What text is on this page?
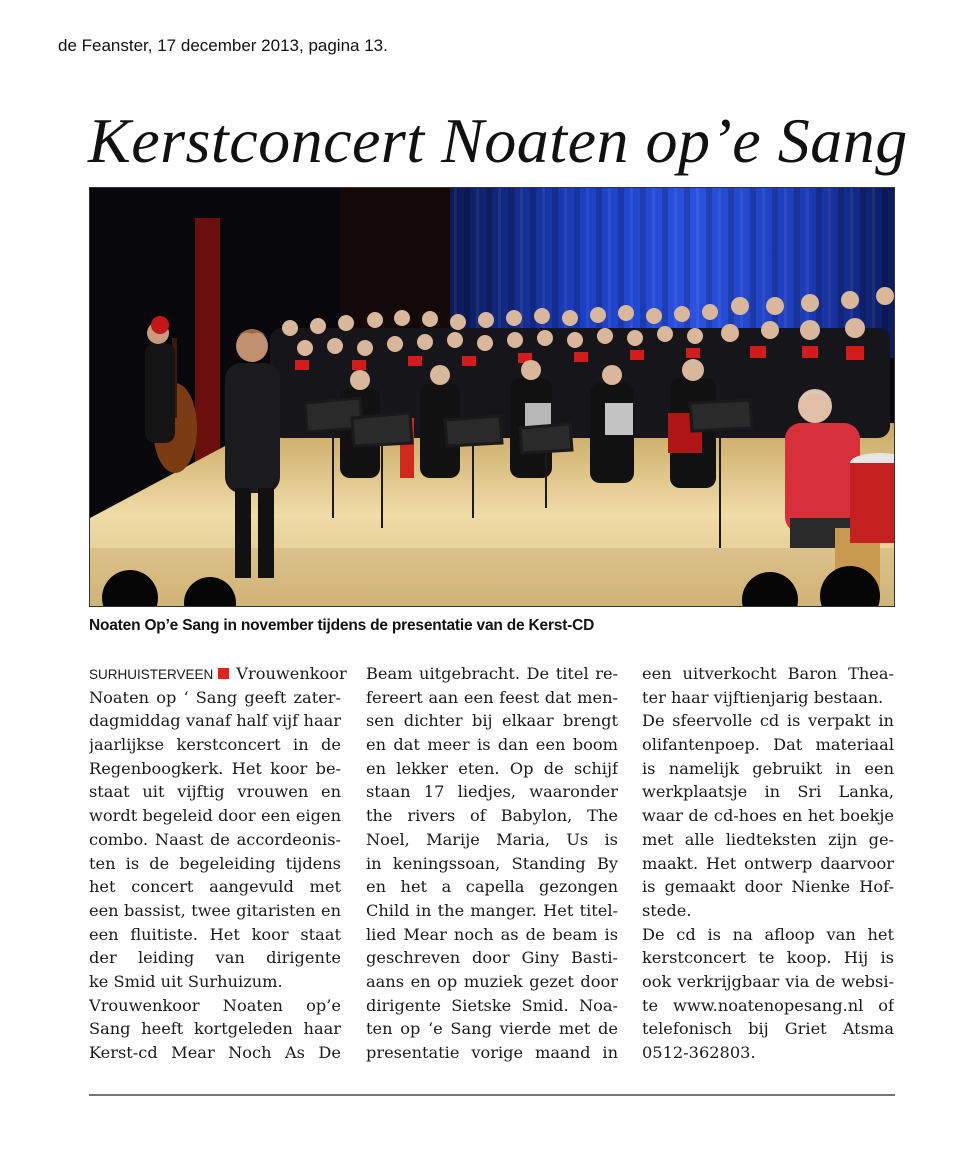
de Feanster, 17 december 2013, pagina 13.
Kerstconcert Noaten op’e Sang
Noaten Op’e Sang in november tijdens de presentatie van de Kerst-CD
SURHUISTERVEEN Vrouwenkoor
Noaten op ‘ Sang geeft zater-
dagmiddag vanaf half vijf haar
jaarlijkse kerstconcert in de
Regenboogkerk. Het koor be-
staat uit vijftig vrouwen en
wordt begeleid door een eigen
combo. Naast de accordeonis-
ten is de begeleiding tijdens
het concert aangevuld met
een bassist, twee gitaristen en
een fluitiste. Het koor staat
der leiding van dirigente
ke Smid uit Surhuizum.
Vrouwenkoor Noaten op’e
Sang heeft kortgeleden haar
Kerst-cd Mear Noch As De
Beam uitgebracht. De titel re-
fereert aan een feest dat men-
sen dichter bij elkaar brengt
en dat meer is dan een boom
en lekker eten. Op de schijf
staan 17 liedjes, waaronder
the rivers of Babylon, The
Noel, Marije Maria, Us is
in keningssoan, Standing By
en het a capella gezongen
Child in the manger. Het titel-
lied Mear noch as de beam is
geschreven door Giny Basti-
aans en op muziek gezet door
dirigente Sietske Smid. Noa-
ten op ‘e Sang vierde met de
presentatie vorige maand in
een uitverkocht Baron Thea-
ter haar vijftienjarig bestaan.
De sfeervolle cd is verpakt in
olifantenpoep. Dat materiaal
is namelijk gebruikt in een
werkplaatsje in Sri Lanka,
waar de cd-hoes en het boekje
met alle liedteksten zijn ge-
maakt. Het ontwerp daarvoor
is gemaakt door Nienke Hof-
stede.
De cd is na afloop van het
kerstconcert te koop. Hij is
ook verkrijgbaar via de websi-
te www.noatenopesang.nl of
telefonisch bij Griet Atsma
0512-362803.
